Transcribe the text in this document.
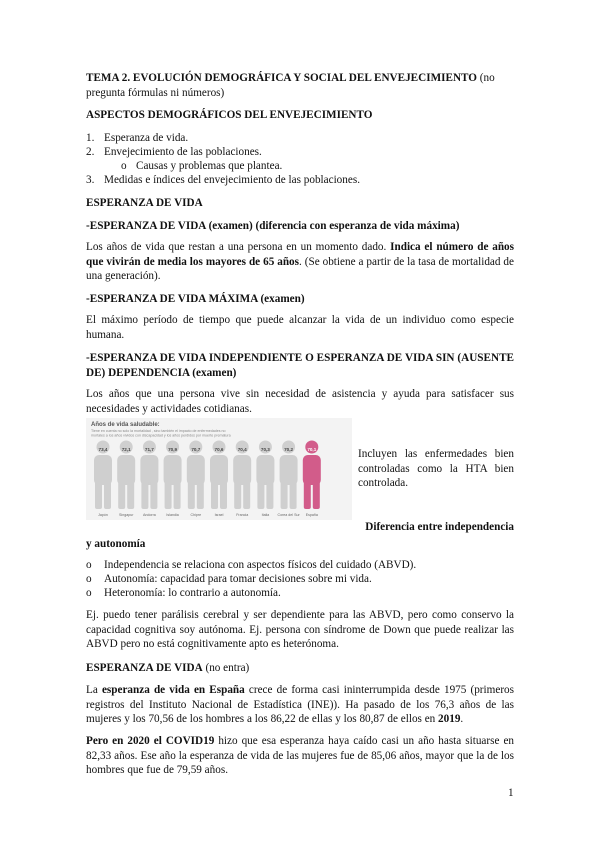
TEMA 2. EVOLUCIÓN DEMOGRÁFICA Y SOCIAL DEL ENVEJECIMIENTO (no
pregunta fórmulas ni números)

ASPECTOS DEMOGRÁFICOS DEL ENVEJECIMIENTO

1. Esperanza de vida.
2. Envejecimiento de las poblaciones.
o Causas y problemas que plantea.
3. Medidas e índices del envejecimiento de las poblaciones.

ESPERANZA DE VIDA

-ESPERANZA DE VIDA (examen) (diferencia con esperanza de vida máxima)

Los años de vida que restan a una persona en un momento dado. Indica el número de años que vivirán de media los mayores de 65 años. (Se obtiene a partir de la tasa de mortalidad de una generación).

-ESPERANZA DE VIDA MÁXIMA (examen)

El máximo período de tiempo que puede alcanzar la vida de un individuo como especie humana.

-ESPERANZA DE VIDA INDEPENDIENTE O ESPERANZA DE VIDA SIN (AUSENTE DE) DEPENDENCIA (examen)

Los años que una persona vive sin necesidad de asistencia y ayuda para satisfacer sus necesidades y actividades cotidianas.

Años de vida saludable:
Tiene en cuenta no solo la mortalidad , sino también el impacto de enfermedades no
mortales a los años vividos con discapacidad y los años perdidos por muerte prematura
73,4
Japón
72,1
Singapur
71,7
Andorra
70,9
Islandia
70,7
Chipre
70,6
Israel
70,4
Francia
70,3
Italia
70,2
Corea del Sur
70,1
España

Incluyen las enfermedades bien controladas como la HTA bien controlada.

Diferencia entre independencia
y autonomía
o Independencia se relaciona con aspectos físicos del cuidado (ABVD).
o Autonomía: capacidad para tomar decisiones sobre mi vida.
o Heteronomía: lo contrario a autonomía.

Ej. puedo tener parálisis cerebral y ser dependiente para las ABVD, pero como conservo la capacidad cognitiva soy autónoma. Ej. persona con síndrome de Down que puede realizar las ABVD pero no está cognitivamente apto es heterónoma.

ESPERANZA DE VIDA (no entra)

La esperanza de vida en España crece de forma casi ininterrumpida desde 1975 (primeros registros del Instituto Nacional de Estadística (INE)). Ha pasado de los 76,3 años de las mujeres y los 70,56 de los hombres a los 86,22 de ellas y los 80,87 de ellos en 2019.

Pero en 2020 el COVID19 hizo que esa esperanza haya caído casi un año hasta situarse en 82,33 años. Ese año la esperanza de vida de las mujeres fue de 85,06 años, mayor que la de los hombres que fue de 79,59 años.

1
